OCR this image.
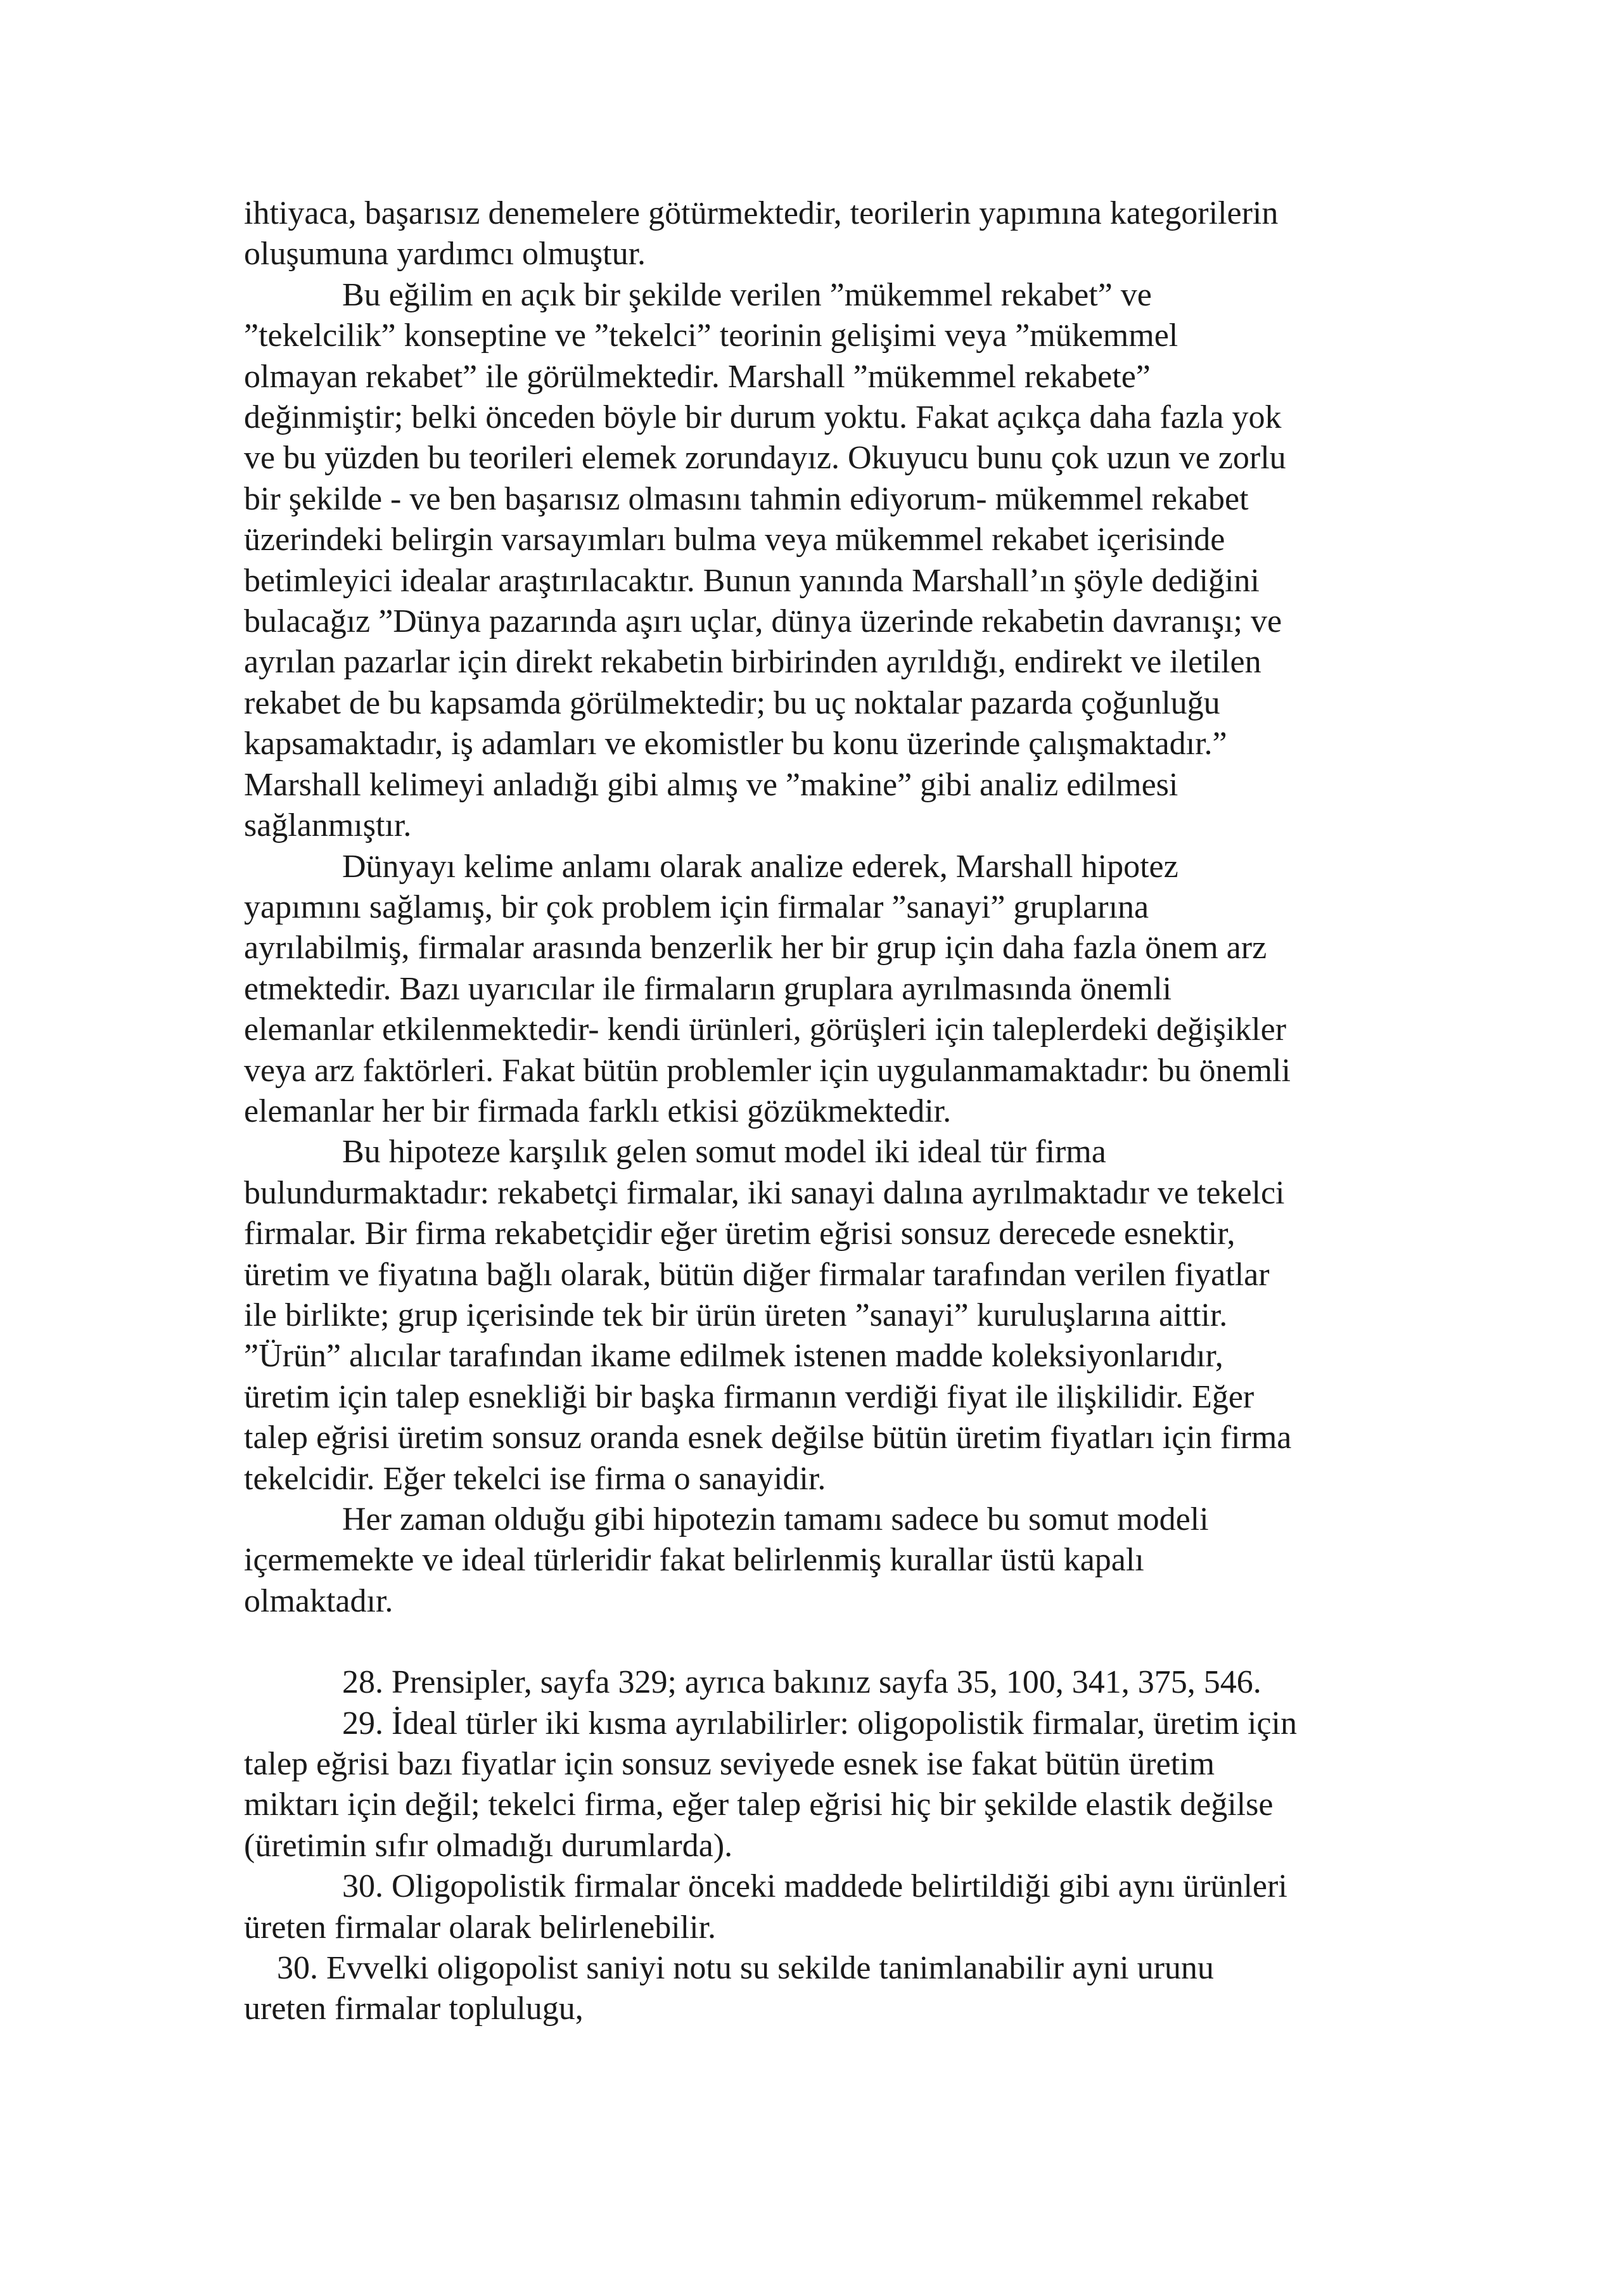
ihtiyaca, başarısız denemelere götürmektedir, teorilerin yapımına kategorilerin
oluşumuna yardımcı olmuştur.

Bu eğilim en açık bir şekilde verilen ”mükemmel rekabet” ve
”tekelcilik” konseptine ve ”tekelci” teorinin gelişimi veya ”mükemmel
olmayan rekabet” ile görülmektedir. Marshall ”mükemmel rekabete”
değinmiştir; belki önceden böyle bir durum yoktu. Fakat açıkça daha fazla yok
ve bu yüzden bu teorileri elemek zorundayız. Okuyucu bunu çok uzun ve zorlu
bir şekilde - ve ben başarısız olmasını tahmin ediyorum- mükemmel rekabet
üzerindeki belirgin varsayımları bulma veya mükemmel rekabet içerisinde
betimleyici idealar araştırılacaktır. Bunun yanında Marshall’ın şöyle dediğini
bulacağız ”Dünya pazarında aşırı uçlar, dünya üzerinde rekabetin davranışı; ve
ayrılan pazarlar için direkt rekabetin birbirinden ayrıldığı, endirekt ve iletilen
rekabet de bu kapsamda görülmektedir; bu uç noktalar pazarda çoğunluğu
kapsamaktadır, iş adamları ve ekomistler bu konu üzerinde çalışmaktadır.”
Marshall kelimeyi anladığı gibi almış ve ”makine” gibi analiz edilmesi
sağlanmıştır.

Dünyayı kelime anlamı olarak analize ederek, Marshall hipotez
yapımını sağlamış, bir çok problem için firmalar ”sanayi” gruplarına
ayrılabilmiş, firmalar arasında benzerlik her bir grup için daha fazla önem arz
etmektedir. Bazı uyarıcılar ile firmaların gruplara ayrılmasında önemli
elemanlar etkilenmektedir- kendi ürünleri, görüşleri için taleplerdeki değişikler
veya arz faktörleri. Fakat bütün problemler için uygulanmamaktadır: bu önemli
elemanlar her bir firmada farklı etkisi gözükmektedir.

Bu hipoteze karşılık gelen somut model iki ideal tür firma
bulundurmaktadır: rekabetçi firmalar, iki sanayi dalına ayrılmaktadır ve tekelci
firmalar. Bir firma rekabetçidir eğer üretim eğrisi sonsuz derecede esnektir,
üretim ve fiyatına bağlı olarak, bütün diğer firmalar tarafından verilen fiyatlar
ile birlikte; grup içerisinde tek bir ürün üreten ”sanayi” kuruluşlarına aittir.
”Ürün” alıcılar tarafından ikame edilmek istenen madde koleksiyonlarıdır,
üretim için talep esnekliği bir başka firmanın verdiği fiyat ile ilişkilidir. Eğer
talep eğrisi üretim sonsuz oranda esnek değilse bütün üretim fiyatları için firma
tekelcidir. Eğer tekelci ise firma o sanayidir.

Her zaman olduğu gibi hipotezin tamamı sadece bu somut modeli
içermemekte ve ideal türleridir fakat belirlenmiş kurallar üstü kapalı
olmaktadır.

28. Prensipler, sayfa 329; ayrıca bakınız sayfa 35, 100, 341, 375, 546.

29. İdeal türler iki kısma ayrılabilirler: oligopolistik firmalar, üretim için
talep eğrisi bazı fiyatlar için sonsuz seviyede esnek ise fakat bütün üretim
miktarı için değil; tekelci firma, eğer talep eğrisi hiç bir şekilde elastik değilse
(üretimin sıfır olmadığı durumlarda).

30. Oligopolistik firmalar önceki maddede belirtildiği gibi aynı ürünleri
üreten firmalar olarak belirlenebilir.

30. Evvelki oligopolist saniyi notu su sekilde tanimlanabilir ayni urunu
ureten firmalar toplulugu,
